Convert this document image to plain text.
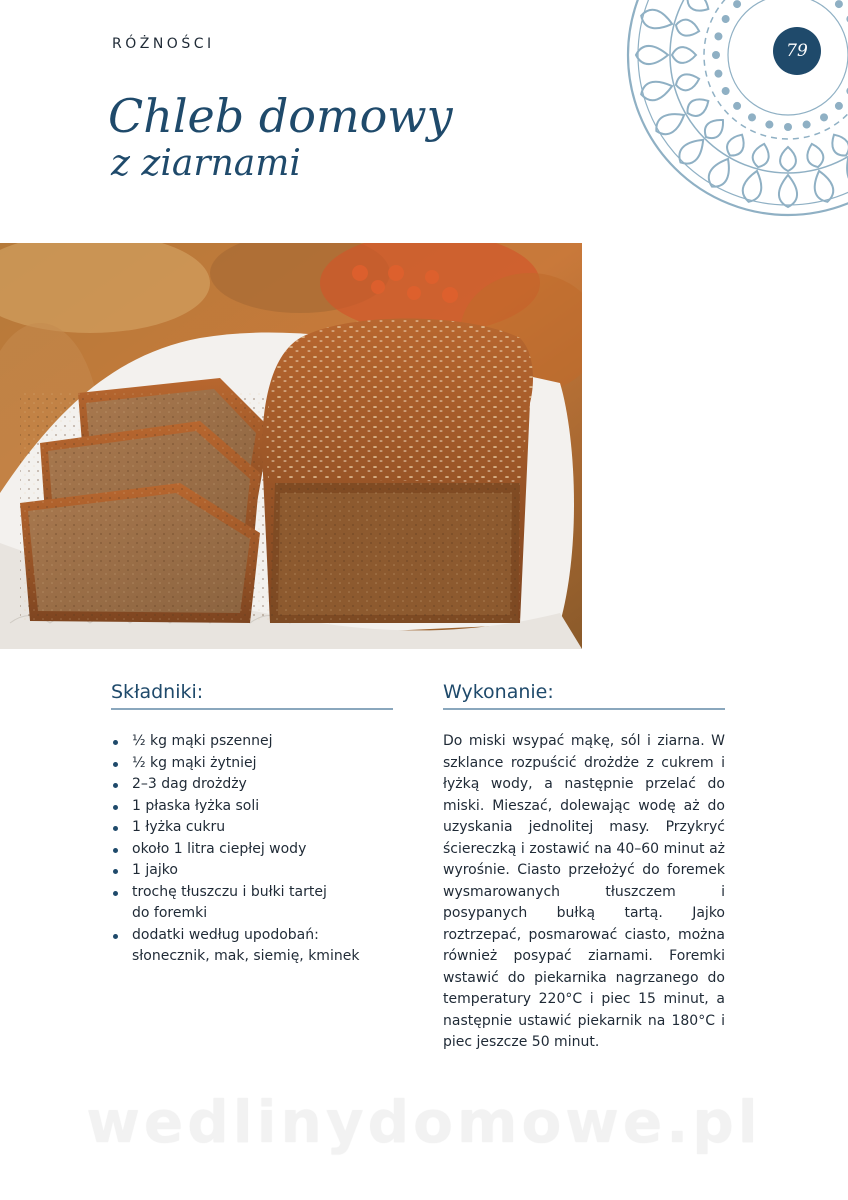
RÓŻNOŚCI	79
Chleb domowy
z ziarnami
Składniki:
½ kg mąki pszennej
½ kg mąki żytniej
2–3 dag drożdży
1 płaska łyżka soli
1 łyżka cukru
około 1 litra ciepłej wody
1 jajko
trochę tłuszczu i bułki tartej do foremki
dodatki według upodobań: słonecznik, mak, siemię, kminek
Wykonanie:

Do miski wsypać mąkę, sól i ziarna. W szklance rozpuścić drożdże z cukrem i łyżką wody, a następnie przelać do miski. Mieszać, dolewając wodę aż do uzyskania jednolitej masy. Przykryć ściereczką i zostawić na 40–60 minut aż wyrośnie. Ciasto przełożyć do foremek wysmarowanych tłuszczem i posypanych bułką tartą. Jajko roztrzepać, posmarować ciasto, można również posypać ziarnami. Foremki wstawić do piekarnika nagrzanego do temperatury 220°C i piec 15 minut, a następnie ustawić piekarnik na 180°C i piec jeszcze 50 minut.

wedlinydomowe.pl
